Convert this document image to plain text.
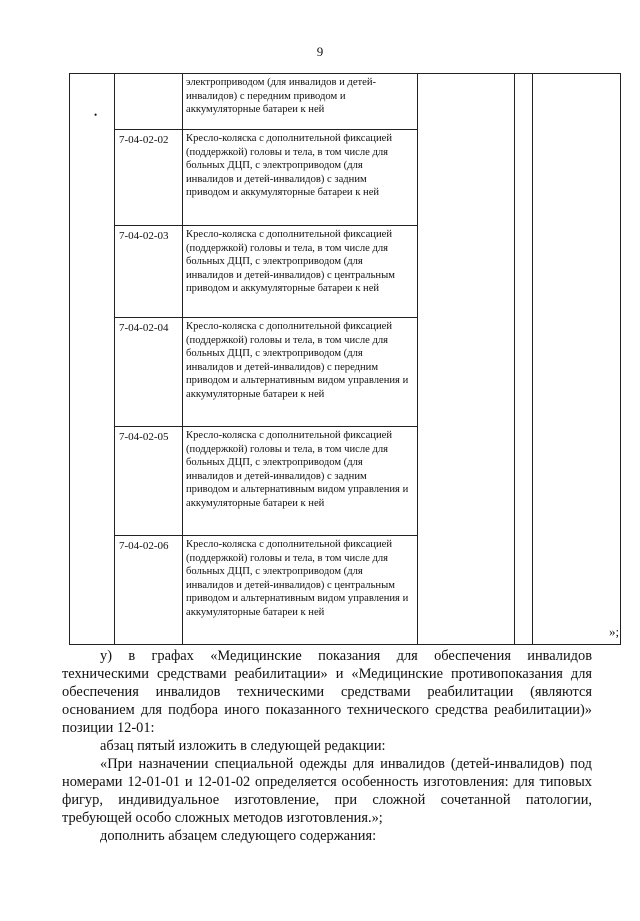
9
•
		электроприводом (для инвалидов и детей-инвалидов) с передним приводом и аккумуляторные батареи к ней			
	7-04-02-02	Кресло-коляска с дополнительной фиксацией (поддержкой) головы и тела, в том числе для больных ДЦП, с электроприводом (для инвалидов и детей-инвалидов) с задним приводом и аккумуляторные батареи к ней			
	7-04-02-03	Кресло-коляска с дополнительной фиксацией (поддержкой) головы и тела, в том числе для больных ДЦП, с электроприводом (для инвалидов и детей-инвалидов) с центральным приводом и аккумуляторные батареи к ней			
	7-04-02-04	Кресло-коляска с дополнительной фиксацией (поддержкой) головы и тела, в том числе для больных ДЦП, с электроприводом (для инвалидов и детей-инвалидов) с передним приводом и альтернативным видом управления и аккумуляторные батареи к ней			
	7-04-02-05	Кресло-коляска с дополнительной фиксацией (поддержкой) головы и тела, в том числе для больных ДЦП, с электроприводом (для инвалидов и детей-инвалидов) с задним приводом и альтернативным видом управления и аккумуляторные батареи к ней			
	7-04-02-06	Кресло-коляска с дополнительной фиксацией (поддержкой) головы и тела, в том числе для больных ДЦП, с электроприводом (для инвалидов и детей-инвалидов) с центральным приводом и альтернативным видом управления и аккумуляторные батареи к ней			
»;

у) в графах «Медицинские показания для обеспечения инвалидов техническими средствами реабилитации» и «Медицинские противопоказания для обеспечения инвалидов техническими средствами реабилитации (являются основанием для подбора иного показанного технического средства реабилитации)» позиции 12-01:

абзац пятый изложить в следующей редакции:

«При назначении специальной одежды для инвалидов (детей-инвалидов) под номерами 12-01-01 и 12-01-02 определяется особенность изготовления: для типовых фигур, индивидуальное изготовление, при сложной сочетанной патологии, требующей особо сложных методов изготовления.»;

дополнить абзацем следующего содержания:
